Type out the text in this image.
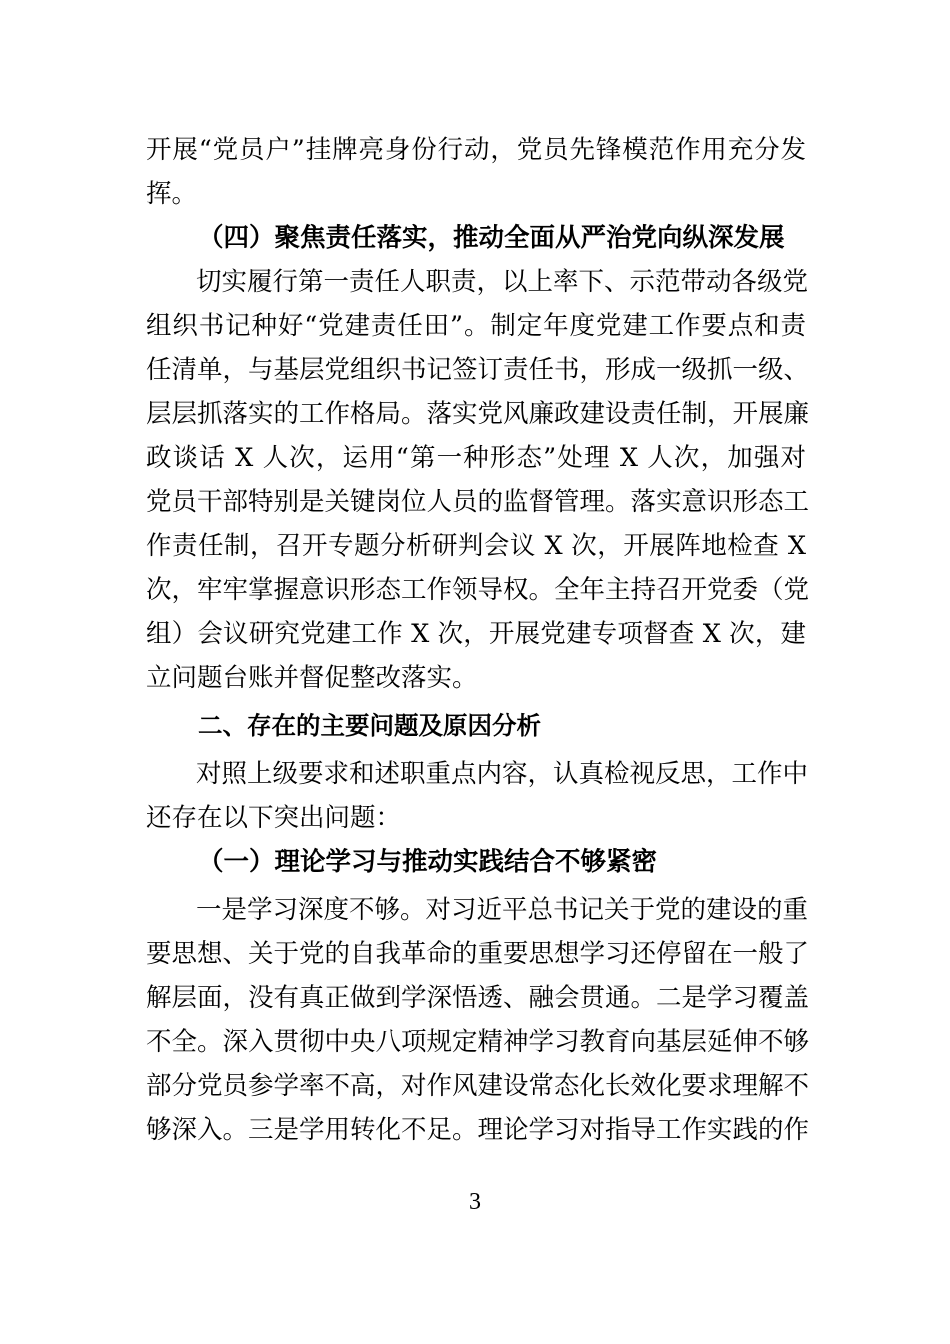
开展“党员户”挂牌亮身份行动，党员先锋模范作用充分发

挥。

（四）聚焦责任落实，推动全面从严治党向纵深发展

切实履行第一责任人职责，以上率下、示范带动各级党

组织书记种好“党建责任田”。制定年度党建工作要点和责

任清单，与基层党组织书记签订责任书，形成一级抓一级、

层层抓落实的工作格局。落实党风廉政建设责任制，开展廉

政谈话 X 人次，运用“第一种形态”处理 X 人次，加强对

党员干部特别是关键岗位人员的监督管理。落实意识形态工

作责任制，召开专题分析研判会议 X 次，开展阵地检查 X

次，牢牢掌握意识形态工作领导权。全年主持召开党委（党

组）会议研究党建工作 X 次，开展党建专项督查 X 次，建

立问题台账并督促整改落实。

二、存在的主要问题及原因分析

对照上级要求和述职重点内容，认真检视反思，工作中

还存在以下突出问题：

（一）理论学习与推动实践结合不够紧密

一是学习深度不够。对习近平总书记关于党的建设的重

要思想、关于党的自我革命的重要思想学习还停留在一般了

解层面，没有真正做到学深悟透、融会贯通。二是学习覆盖

不全。深入贯彻中央八项规定精神学习教育向基层延伸不够

部分党员参学率不高，对作风建设常态化长效化要求理解不

够深入。三是学用转化不足。理论学习对指导工作实践的作

3
